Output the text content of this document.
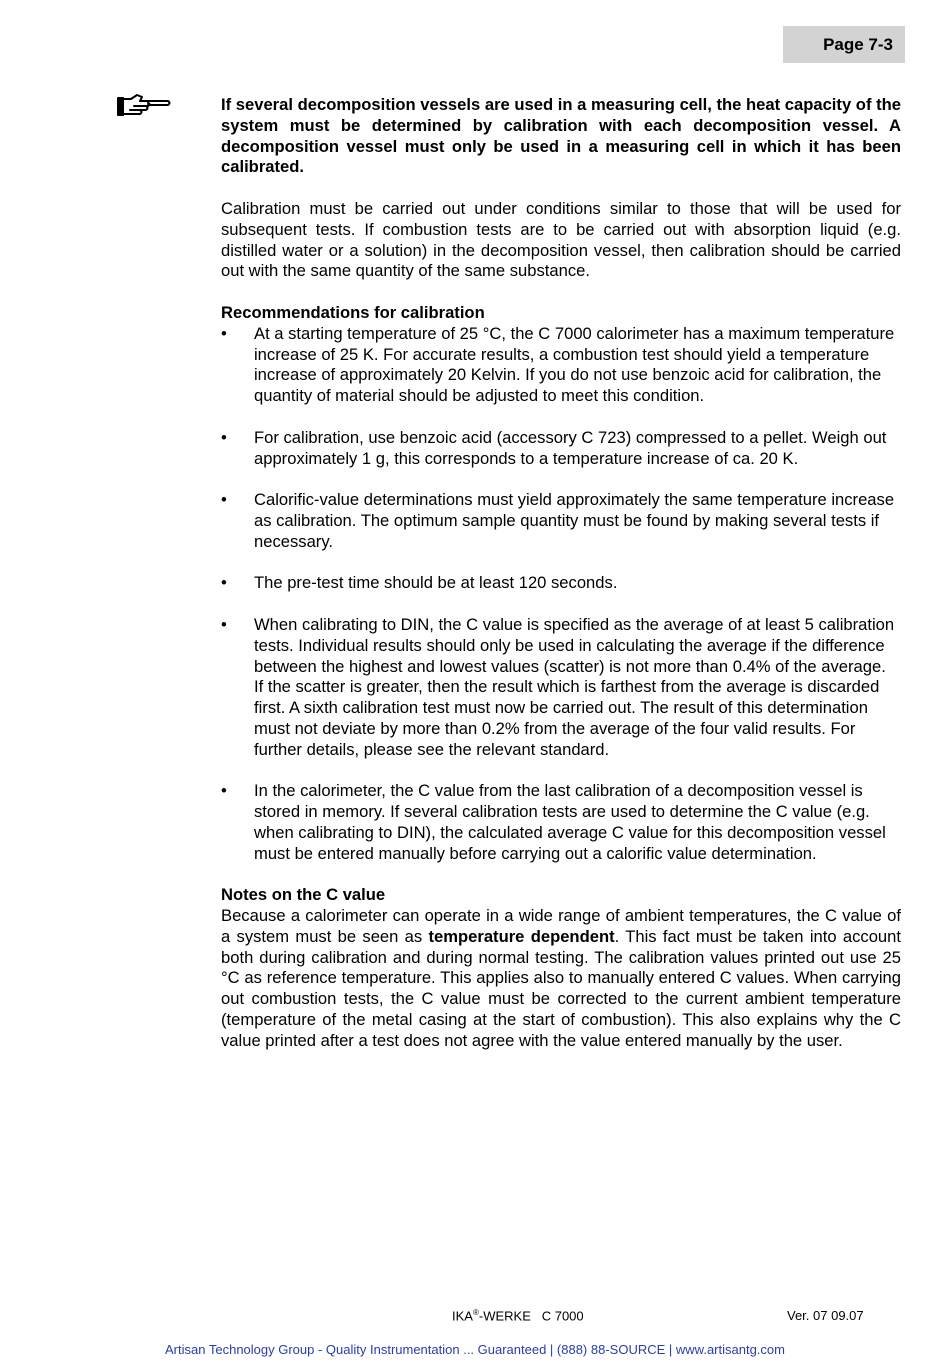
Page 7-3

If several decomposition vessels are used in a measuring cell, the heat capacity of the system must be determined by calibration with each decomposition vessel. A decomposition vessel must only be used in a measuring cell in which it has been calibrated.

Calibration must be carried out under conditions similar to those that will be used for subsequent tests. If combustion tests are to be carried out with absorption liquid (e.g. distilled water or a solution) in the decomposition vessel, then calibration should be carried out with the same quantity of the same substance.

Recommendations for calibration

• At a starting temperature of 25 °C, the C 7000 calorimeter has a maximum temperature increase of 25 K. For accurate results, a combustion test should yield a temperature increase of approximately 20 Kelvin. If you do not use benzoic acid for calibration, the quantity of material should be adjusted to meet this condition.
• For calibration, use benzoic acid (accessory C 723) compressed to a pellet. Weigh out approximately 1 g, this corresponds to a temperature increase of ca. 20 K.
• Calorific-value determinations must yield approximately the same temperature increase as calibration. The optimum sample quantity must be found by making several tests if necessary.
• The pre-test time should be at least 120 seconds.
• When calibrating to DIN, the C value is specified as the average of at least 5 calibration tests. Individual results should only be used in calculating the average if the difference between the highest and lowest values (scatter) is not more than 0.4% of the average.

If the scatter is greater, then the result which is farthest from the average is discarded first. A sixth calibration test must now be carried out. The result of this determination must not deviate by more than 0.2% from the average of the four valid results. For further details, please see the relevant standard.

• In the calorimeter, the C value from the last calibration of a decomposition vessel is stored in memory. If several calibration tests are used to determine the C value (e.g. when calibrating to DIN), the calculated average C value for this decomposition vessel must be entered manually before carrying out a calorific value determination.

Notes on the C value

Because a calorimeter can operate in a wide range of ambient temperatures, the C value of a system must be seen as temperature dependent. This fact must be taken into account both during calibration and during normal testing. The calibration values printed out use 25 °C as reference temperature. This applies also to manually entered C values. When carrying out combustion tests, the C value must be corrected to the current ambient temperature (temperature of the metal casing at the start of combustion). This also explains why the C value printed after a test does not agree with the value entered manually by the user.

IKA®-WERKE   C 7000	Ver. 07 09.07
Artisan Technology Group - Quality Instrumentation ... Guaranteed | (888) 88-SOURCE | www.artisantg.com
